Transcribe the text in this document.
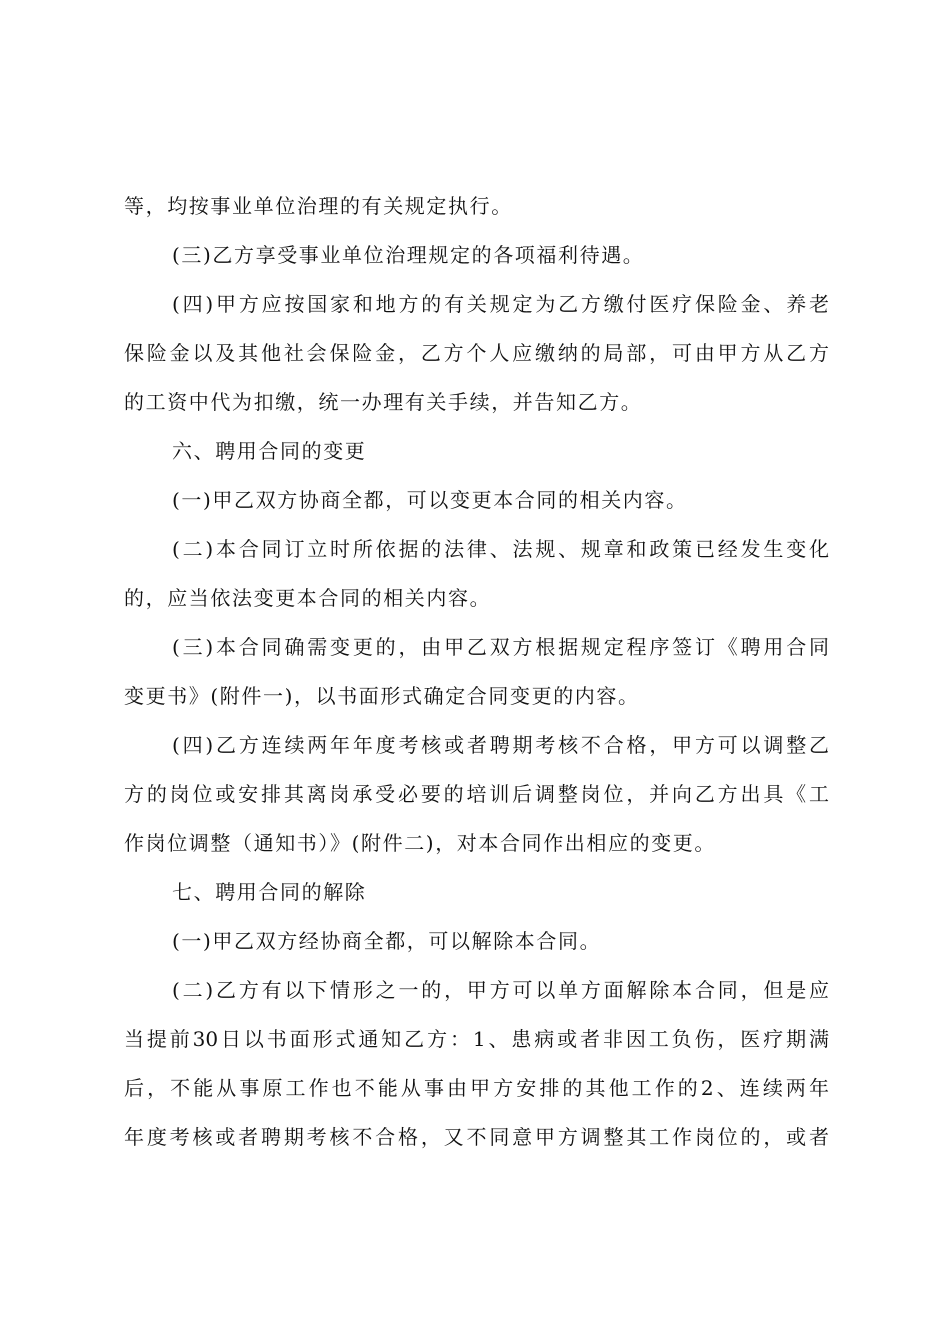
等，均按事业单位治理的有关规定执行。
(三)乙方享受事业单位治理规定的各项福利待遇。
(四)甲方应按国家和地方的有关规定为乙方缴付医疗保险金、养老
保险金以及其他社会保险金，乙方个人应缴纳的局部，可由甲方从乙方
的工资中代为扣缴，统一办理有关手续，并告知乙方。
六、聘用合同的变更
(一)甲乙双方协商全都，可以变更本合同的相关内容。
(二)本合同订立时所依据的法律、法规、规章和政策已经发生变化
的，应当依法变更本合同的相关内容。
(三)本合同确需变更的，由甲乙双方根据规定程序签订《聘用合同
变更书》(附件一)，以书面形式确定合同变更的内容。
(四)乙方连续两年年度考核或者聘期考核不合格，甲方可以调整乙
方的岗位或安排其离岗承受必要的培训后调整岗位，并向乙方出具《工
作岗位调整（通知书）》(附件二)，对本合同作出相应的变更。
七、聘用合同的解除
(一)甲乙双方经协商全都，可以解除本合同。
(二)乙方有以下情形之一的，甲方可以单方面解除本合同，但是应
当提前30日以书面形式通知乙方：1、患病或者非因工负伤，医疗期满
后，不能从事原工作也不能从事由甲方安排的其他工作的2、连续两年
年度考核或者聘期考核不合格，又不同意甲方调整其工作岗位的，或者
